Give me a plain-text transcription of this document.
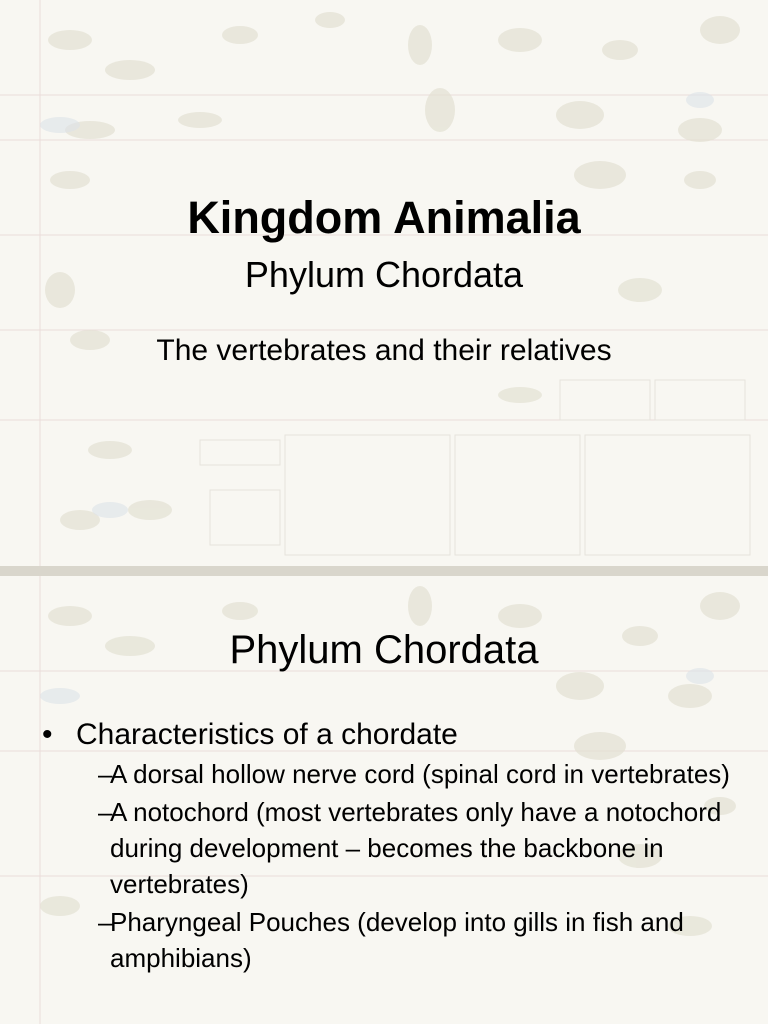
Kingdom Animalia
Phylum Chordata
The vertebrates and their relatives
Phylum Chordata
• Characteristics of a chordate
–
A dorsal hollow nerve cord (spinal cord in vertebrates)
–
A notochord (most vertebrates only have a notochord during development – becomes the backbone in vertebrates)
–
Pharyngeal Pouches (develop into gills in fish and amphibians)
